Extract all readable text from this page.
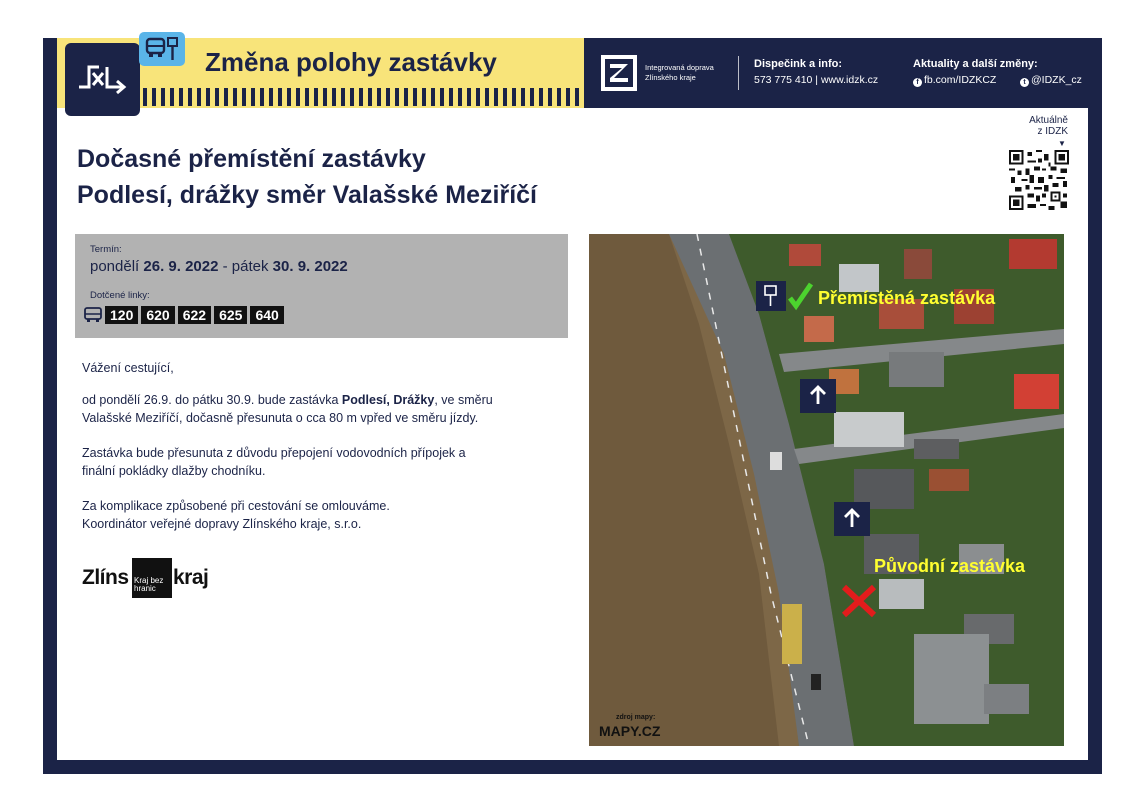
Změna polohy zastávky	Integrovaná doprava
Zlínského kraje
Dispečink a info:
573 775 410 | www.idzk.cz
Aktuality a další změny:
f fb.com/IDZKCZ	t @IDZK_cz
Aktuálně
z IDZK
▼
Dočasné přemístění zastávky
Podlesí, drážky směr Valašské Meziříčí
Termín:
pondělí 26. 9. 2022 - pátek 30. 9. 2022
Dotčené linky:
120 620 622 625 640
Vážení cestující,
od pondělí 26.9. do pátku 30.9. bude zastávka Podlesí, Drážky, ve směru
Valašské Meziříčí, dočasně přesunuta o cca 80 m vpřed ve směru jízdy.
Zastávka bude přesunuta z důvodu přepojení vodovodních přípojek a
finální pokládky dlažby chodníku.
Za komplikace způsobené při cestování se omlouváme.
Koordinátor veřejné dopravy Zlínského kraje, s.r.o.
Zlíns Kraj bez
hranic kraj
Přemístěná zastávka
Původní zastávka
zdroj mapy:
MAPY.CZ
